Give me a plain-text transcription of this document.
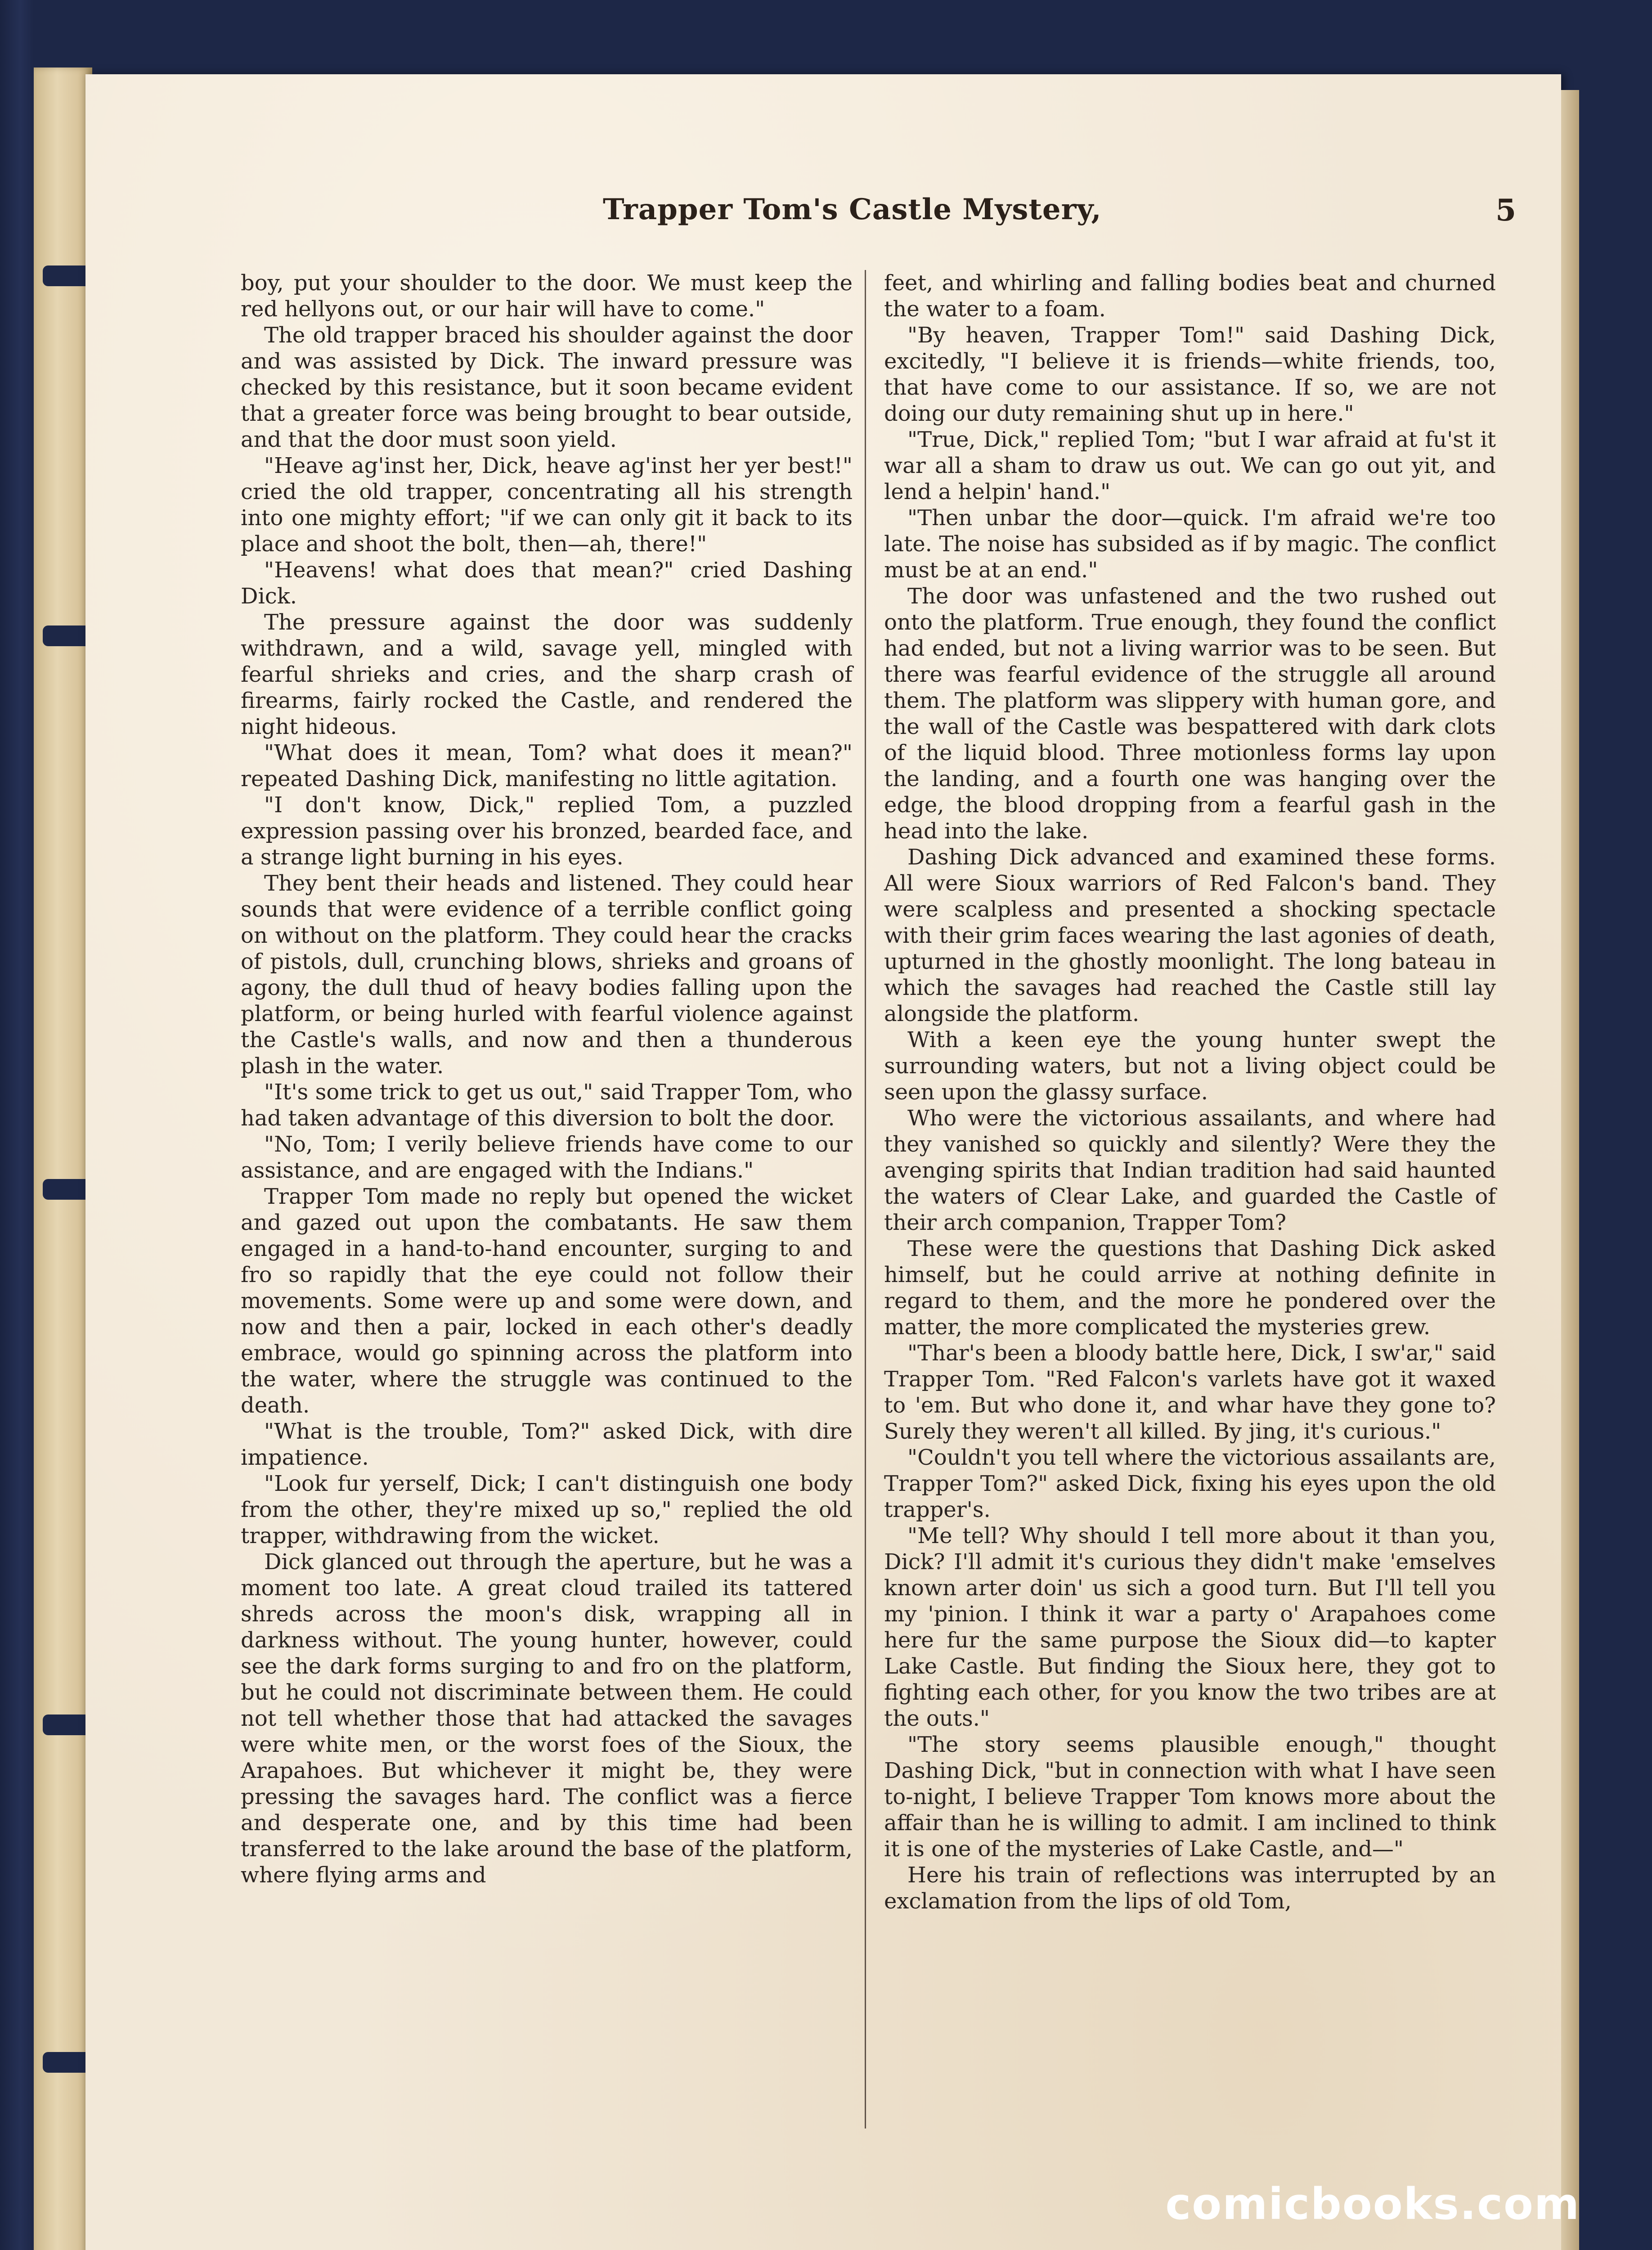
Trapper Tom's Castle Mystery,	5

boy, put your shoulder to the door. We must keep the red hellyons out, or our hair will have to come."

The old trapper braced his shoulder against the door and was assisted by Dick. The inward pressure was checked by this resistance, but it soon became evident that a greater force was being brought to bear outside, and that the door must soon yield.

"Heave ag'inst her, Dick, heave ag'inst her yer best!" cried the old trapper, concentrating all his strength into one mighty effort; "if we can only git it back to its place and shoot the bolt, then—ah, there!"

"Heavens! what does that mean?" cried Dashing Dick.

The pressure against the door was suddenly withdrawn, and a wild, savage yell, mingled with fearful shrieks and cries, and the sharp crash of firearms, fairly rocked the Castle, and rendered the night hideous.

"What does it mean, Tom? what does it mean?" repeated Dashing Dick, manifesting no little agitation.

"I don't know, Dick," replied Tom, a puzzled expression passing over his bronzed, bearded face, and a strange light burning in his eyes.

They bent their heads and listened. They could hear sounds that were evidence of a terrible conflict going on without on the platform. They could hear the cracks of pistols, dull, crunching blows, shrieks and groans of agony, the dull thud of heavy bodies falling upon the platform, or being hurled with fearful violence against the Castle's walls, and now and then a thunderous plash in the water.

"It's some trick to get us out," said Trapper Tom, who had taken advantage of this diversion to bolt the door.

"No, Tom; I verily believe friends have come to our assistance, and are engaged with the Indians."

Trapper Tom made no reply but opened the wicket and gazed out upon the combatants. He saw them engaged in a hand-to-hand encounter, surging to and fro so rapidly that the eye could not follow their movements. Some were up and some were down, and now and then a pair, locked in each other's deadly embrace, would go spinning across the platform into the water, where the struggle was continued to the death.

"What is the trouble, Tom?" asked Dick, with dire impatience.

"Look fur yerself, Dick; I can't distinguish one body from the other, they're mixed up so," replied the old trapper, withdrawing from the wicket.

Dick glanced out through the aperture, but he was a moment too late. A great cloud trailed its tattered shreds across the moon's disk, wrapping all in darkness without. The young hunter, however, could see the dark forms surging to and fro on the platform, but he could not discriminate between them. He could not tell whether those that had attacked the savages were white men, or the worst foes of the Sioux, the Arapahoes. But whichever it might be, they were pressing the savages hard. The conflict was a fierce and desperate one, and by this time had been transferred to the lake around the base of the platform, where flying arms and

feet, and whirling and falling bodies beat and churned the water to a foam.

"By heaven, Trapper Tom!" said Dashing Dick, excitedly, "I believe it is friends—white friends, too, that have come to our assistance. If so, we are not doing our duty remaining shut up in here."

"True, Dick," replied Tom; "but I war afraid at fu'st it war all a sham to draw us out. We can go out yit, and lend a helpin' hand."

"Then unbar the door—quick. I'm afraid we're too late. The noise has subsided as if by magic. The conflict must be at an end."

The door was unfastened and the two rushed out onto the platform. True enough, they found the conflict had ended, but not a living warrior was to be seen. But there was fearful evidence of the struggle all around them. The platform was slippery with human gore, and the wall of the Castle was bespattered with dark clots of the liquid blood. Three motionless forms lay upon the landing, and a fourth one was hanging over the edge, the blood dropping from a fearful gash in the head into the lake.

Dashing Dick advanced and examined these forms. All were Sioux warriors of Red Falcon's band. They were scalpless and presented a shocking spectacle with their grim faces wearing the last agonies of death, upturned in the ghostly moonlight. The long bateau in which the savages had reached the Castle still lay alongside the platform.

With a keen eye the young hunter swept the surrounding waters, but not a living object could be seen upon the glassy surface.

Who were the victorious assailants, and where had they vanished so quickly and silently? Were they the avenging spirits that Indian tradition had said haunted the waters of Clear Lake, and guarded the Castle of their arch companion, Trapper Tom?

These were the questions that Dashing Dick asked himself, but he could arrive at nothing definite in regard to them, and the more he pondered over the matter, the more complicated the mysteries grew.

"Thar's been a bloody battle here, Dick, I sw'ar," said Trapper Tom. "Red Falcon's varlets have got it waxed to 'em. But who done it, and whar have they gone to? Surely they weren't all killed. By jing, it's curious."

"Couldn't you tell where the victorious assailants are, Trapper Tom?" asked Dick, fixing his eyes upon the old trapper's.

"Me tell? Why should I tell more about it than you, Dick? I'll admit it's curious they didn't make 'emselves known arter doin' us sich a good turn. But I'll tell you my 'pinion. I think it war a party o' Arapahoes come here fur the same purpose the Sioux did—to kapter Lake Castle. But finding the Sioux here, they got to fighting each other, for you know the two tribes are at the outs."

"The story seems plausible enough," thought Dashing Dick, "but in connection with what I have seen to-night, I believe Trapper Tom knows more about the affair than he is willing to admit. I am inclined to think it is one of the mysteries of Lake Castle, and—"

Here his train of reflections was interrupted by an exclamation from the lips of old Tom,

comicbooks.com
